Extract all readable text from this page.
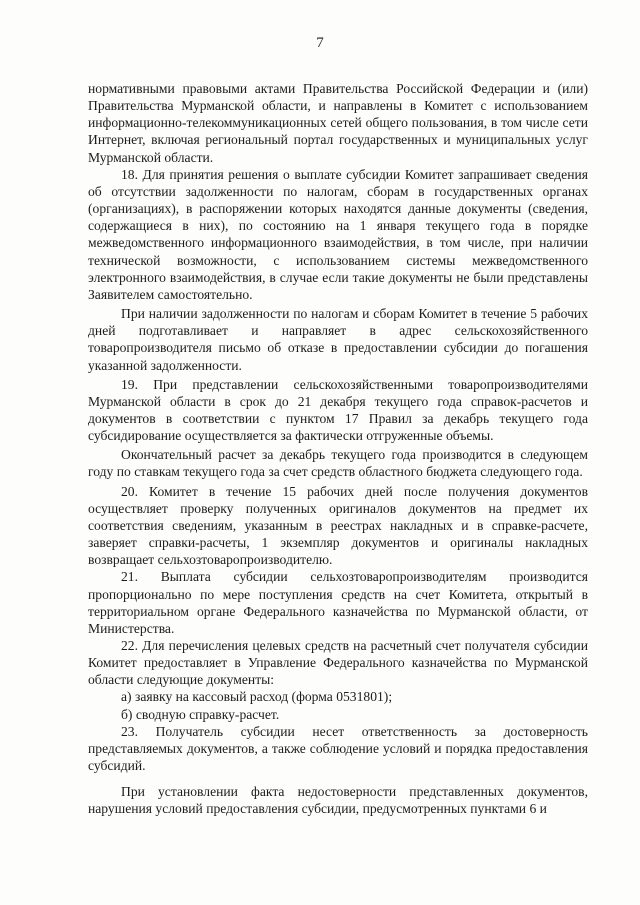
7

нормативными правовыми актами Правительства Российской Федерации и (или) Правительства Мурманской области, и направлены в Комитет с использованием информационно-телекоммуникационных сетей общего пользования, в том числе сети Интернет, включая региональный портал государственных и муниципальных услуг Мурманской области.

18. Для принятия решения о выплате субсидии Комитет запрашивает сведения об отсутствии задолженности по налогам, сборам в государственных органах (организациях), в распоряжении которых находятся данные документы (сведения, содержащиеся в них), по состоянию на 1 января текущего года в порядке межведомственного информационного взаимодействия, в том числе, при наличии технической возможности, с использованием системы межведомственного электронного взаимодействия, в случае если такие документы не были представлены Заявителем самостоятельно.

При наличии задолженности по налогам и сборам Комитет в течение 5 рабочих дней подготавливает и направляет в адрес сельскохозяйственного товаропроизводителя письмо об отказе в предоставлении субсидии до погашения указанной задолженности.

19. При представлении сельскохозяйственными товаропроизводителями Мурманской области в срок до 21 декабря текущего года справок-расчетов и документов в соответствии с пунктом 17 Правил за декабрь текущего года субсидирование осуществляется за фактически отгруженные объемы.

Окончательный расчет за декабрь текущего года производится в следующем году по ставкам текущего года за счет средств областного бюджета следующего года.

20. Комитет в течение 15 рабочих дней после получения документов осуществляет проверку полученных оригиналов документов на предмет их соответствия сведениям, указанным в реестрах накладных и в справке-расчете, заверяет справки-расчеты, 1 экземпляр документов и оригиналы накладных возвращает сельхозтоваропроизводителю.

21. Выплата субсидии сельхозтоваропроизводителям производится пропорционально по мере поступления средств на счет Комитета, открытый в территориальном органе Федерального казначейства по Мурманской области, от Министерства.

22. Для перечисления целевых средств на расчетный счет получателя субсидии Комитет предоставляет в Управление Федерального казначейства по Мурманской области следующие документы:

а) заявку на кассовый расход (форма 0531801);

б) сводную справку-расчет.

23. Получатель субсидии несет ответственность за достоверность представляемых документов, а также соблюдение условий и порядка предоставления субсидий.

При установлении факта недостоверности представленных документов, нарушения условий предоставления субсидии, предусмотренных пунктами 6 и
